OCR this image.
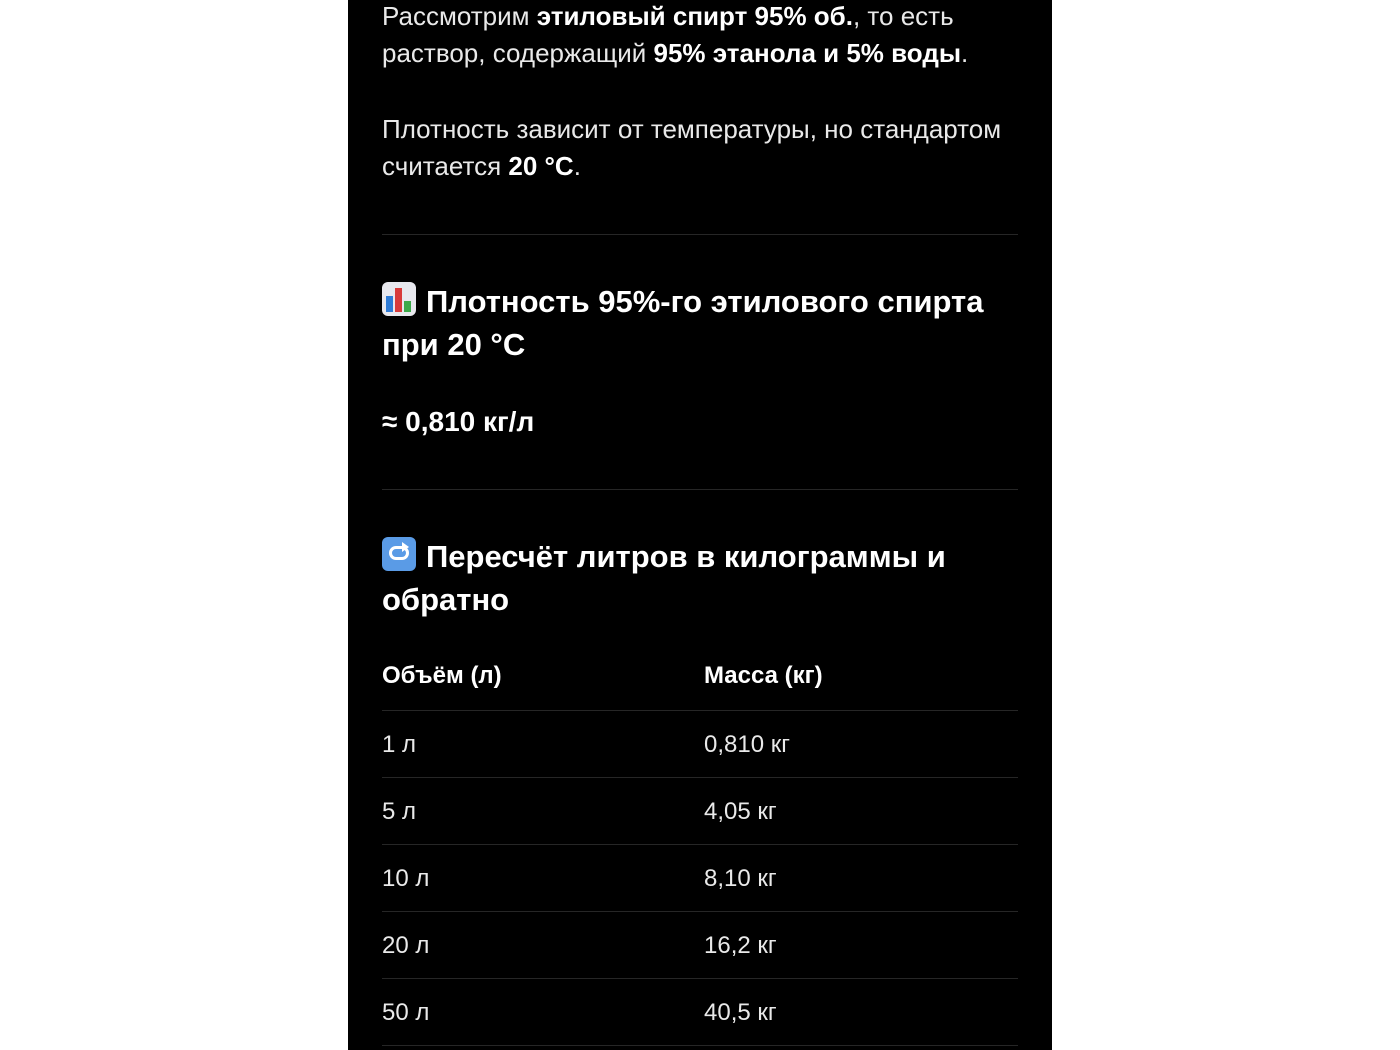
Рассмотрим этиловый спирт 95% об., то есть раствор, содержащий 95% этанола и 5% воды.

Плотность зависит от температуры, но стандартом считается 20 °C.

Плотность 95%-го этилового спирта при 20 °C
≈ 0,810 кг/л
Пересчёт литров в килограммы и обратно
Объём (л)	Масса (кг)
1 л	0,810 кг
5 л	4,05 кг
10 л	8,10 кг
20 л	16,2 кг
50 л	40,5 кг
